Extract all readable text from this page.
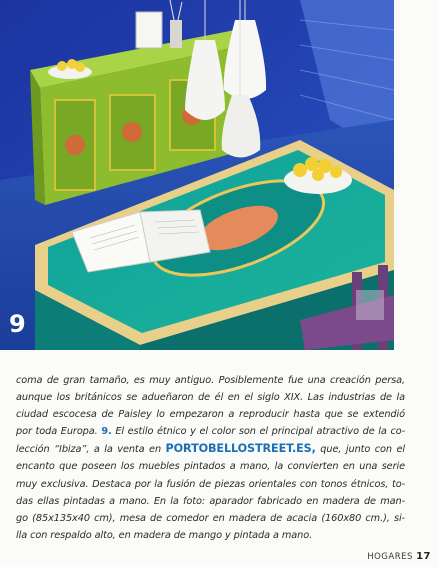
9
coma de gran tamaño, es muy antiguo. Posiblemente fue una creación persa,
aunque los británicos se adueñaron de él en el siglo XIX. Las industrias de la
ciudad escocesa de Paisley lo empezaron a reproducir hasta que se extendió
por toda Europa. 9. El estilo étnico y el color son el principal atractivo de la co-
lección “Ibiza”, a la venta en PORTOBELLOSTREET.ES, que, junto con el
encanto que poseen los muebles pintados a mano, la convierten en una serie
muy exclusiva. Destaca por la fusión de piezas orientales con tonos étnicos, to-
das ellas pintadas a mano. En la foto: aparador fabricado en madera de man-
go (85x135x40 cm), mesa de comedor en madera de acacia (160x80 cm.), si-
lla con respaldo alto, en madera de mango y pintada a mano.
HOGARES 17
